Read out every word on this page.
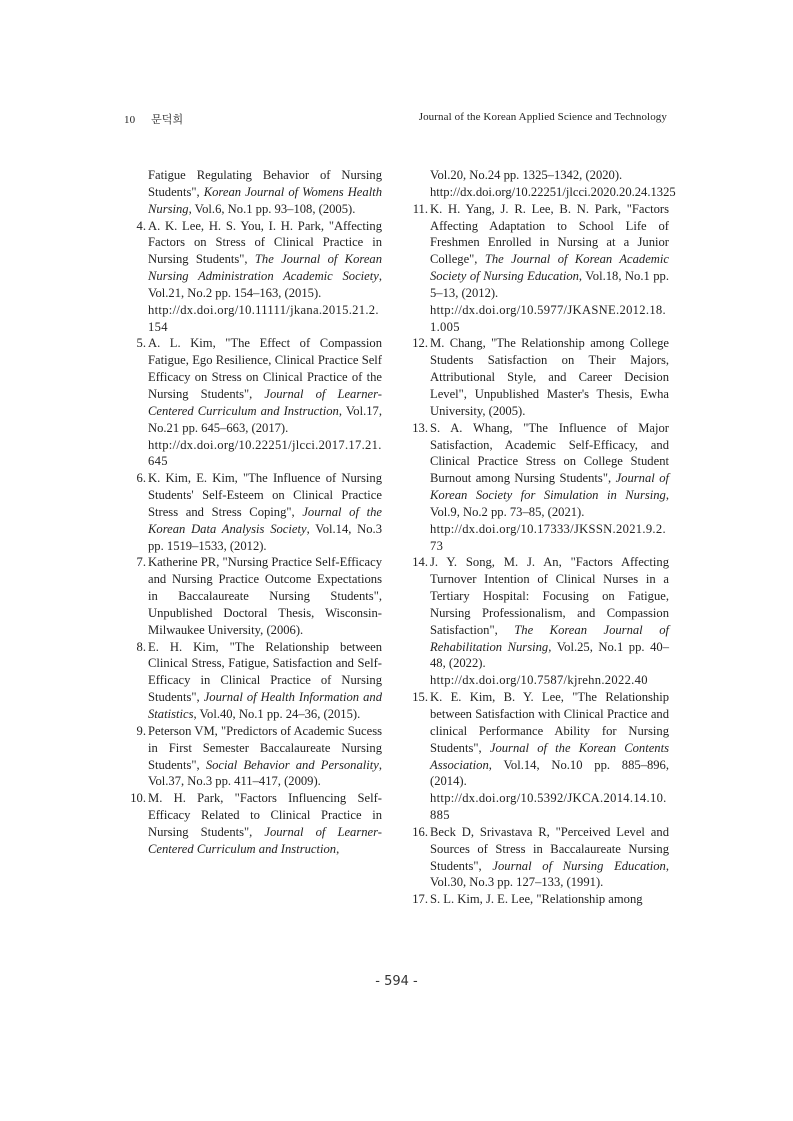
10 문덕희	Journal of the Korean Applied Science and Technology
Fatigue Regulating Behavior of Nursing Students", Korean Journal of Womens Health Nursing, Vol.6, No.1 pp. 93–108, (2005).
4. A. K. Lee, H. S. You, I. H. Park, "Affecting Factors on Stress of Clinical Practice in Nursing Students", The Journal of Korean Nursing Administration Academic Society, Vol.21, No.2 pp. 154–163, (2015).
http://dx.doi.org/10.11111/jkana.2015.21.2.154
5. A. L. Kim, "The Effect of Compassion Fatigue, Ego Resilience, Clinical Practice Self Efficacy on Stress on Clinical Practice of the Nursing Students", Journal of Learner-Centered Curriculum and Instruction, Vol.17, No.21 pp. 645–663, (2017).
http://dx.doi.org/10.22251/jlcci.2017.17.21.645
6. K. Kim, E. Kim, "The Influence of Nursing Students' Self-Esteem on Clinical Practice Stress and Stress Coping", Journal of the Korean Data Analysis Society, Vol.14, No.3 pp. 1519–1533, (2012).
7. Katherine PR, "Nursing Practice Self-Efficacy and Nursing Practice Outcome Expectations in Baccalaureate Nursing Students", Unpublished Doctoral Thesis, Wisconsin-Milwaukee University, (2006).
8. E. H. Kim, "The Relationship between Clinical Stress, Fatigue, Satisfaction and Self-Efficacy in Clinical Practice of Nursing Students", Journal of Health Information and Statistics, Vol.40, No.1 pp. 24–36, (2015).
9. Peterson VM, "Predictors of Academic Sucess in First Semester Baccalaureate Nursing Students", Social Behavior and Personality, Vol.37, No.3 pp. 411–417, (2009).
10. M. H. Park, "Factors Influencing Self-Efficacy Related to Clinical Practice in Nursing Students", Journal of Learner-Centered Curriculum and Instruction,
Vol.20, No.24 pp. 1325–1342, (2020). http://dx.doi.org/10.22251/jlcci.2020.20.24.1325
11. K. H. Yang, J. R. Lee, B. N. Park, "Factors Affecting Adaptation to School Life of Freshmen Enrolled in Nursing at a Junior College", The Journal of Korean Academic Society of Nursing Education, Vol.18, No.1 pp. 5–13, (2012).
http://dx.doi.org/10.5977/JKASNE.2012.18.1.005
12. M. Chang, "The Relationship among College Students Satisfaction on Their Majors, Attributional Style, and Career Decision Level", Unpublished Master's Thesis, Ewha University, (2005).
13. S. A. Whang, "The Influence of Major Satisfaction, Academic Self-Efficacy, and Clinical Practice Stress on College Student Burnout among Nursing Students", Journal of Korean Society for Simulation in Nursing, Vol.9, No.2 pp. 73–85, (2021).
http://dx.doi.org/10.17333/JKSSN.2021.9.2.73
14. J. Y. Song, M. J. An, "Factors Affecting Turnover Intention of Clinical Nurses in a Tertiary Hospital: Focusing on Fatigue, Nursing Professionalism, and Compassion Satisfaction", The Korean Journal of Rehabilitation Nursing, Vol.25, No.1 pp. 40–48, (2022).
http://dx.doi.org/10.7587/kjrehn.2022.40
15. K. E. Kim, B. Y. Lee, "The Relationship between Satisfaction with Clinical Practice and clinical Performance Ability for Nursing Students", Journal of the Korean Contents Association, Vol.14, No.10 pp. 885–896, (2014).
http://dx.doi.org/10.5392/JKCA.2014.14.10.885
16. Beck D, Srivastava R, "Perceived Level and Sources of Stress in Baccalaureate Nursing Students", Journal of Nursing Education, Vol.30, No.3 pp. 127–133, (1991).
17. S. L. Kim, J. E. Lee, "Relationship among
- 594 -
